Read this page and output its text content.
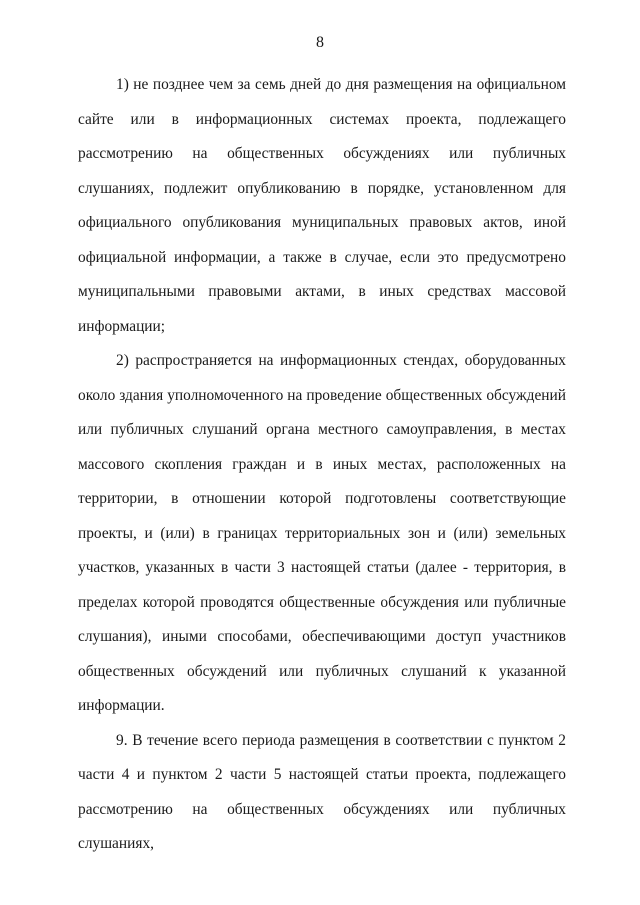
8

1) не позднее чем за семь дней до дня размещения на официальном сайте или в информационных системах проекта, подлежащего рассмотрению на общественных обсуждениях или публичных слушаниях, подлежит опубликованию в порядке, установленном для официального опубликования муниципальных правовых актов, иной официальной информации, а также в случае, если это предусмотрено муниципальными правовыми актами, в иных средствах массовой информации;

2) распространяется на информационных стендах, оборудованных около здания уполномоченного на проведение общественных обсуждений или публичных слушаний органа местного самоуправления, в местах массового скопления граждан и в иных местах, расположенных на территории, в отношении которой подготовлены соответствующие проекты, и (или) в границах территориальных зон и (или) земельных участков, указанных в части 3 настоящей статьи (далее - территория, в пределах которой проводятся общественные обсуждения или публичные слушания), иными способами, обеспечивающими доступ участников общественных обсуждений или публичных слушаний к указанной информации.

9. В течение всего периода размещения в соответствии с пунктом 2 части 4 и пунктом 2 части 5 настоящей статьи проекта, подлежащего рассмотрению на общественных обсуждениях или публичных слушаниях,
